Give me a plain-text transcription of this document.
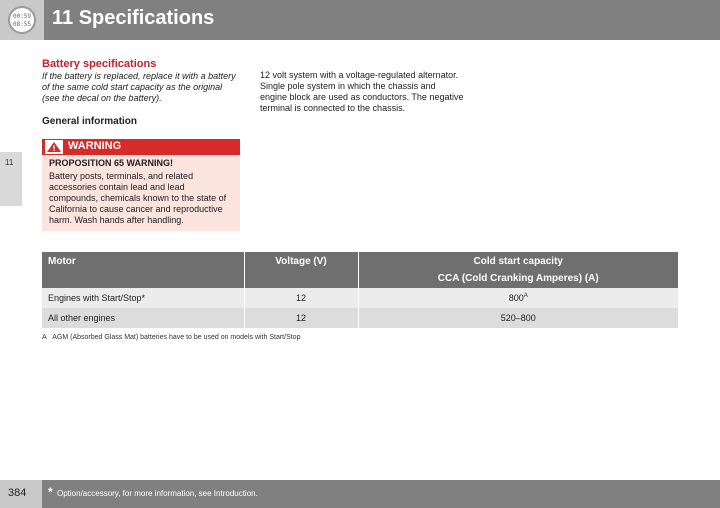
00:59
08:55 11 Specifications
11
Battery specifications
If the battery is replaced, replace it with a battery of the same cold start capacity as the original (see the decal on the battery).
General information
WARNING
PROPOSITION 65 WARNING!
Battery posts, terminals, and related accessories contain lead and lead compounds, chemicals known to the state of California to cause cancer and reproductive harm. Wash hands after handling.
12 volt system with a voltage-regulated alternator. Single pole system in which the chassis and engine block are used as conductors. The negative terminal is connected to the chassis.
Motor	Voltage (V)	Cold start capacity
CCA (Cold Cranking Amperes) (A)
Engines with Start/Stop*	12	$800^A$
All other engines	12	520–800
A AGM (Absorbed Glass Mat) batteries have to be used on models with Start/Stop
384 * Option/accessory, for more information, see Introduction.
